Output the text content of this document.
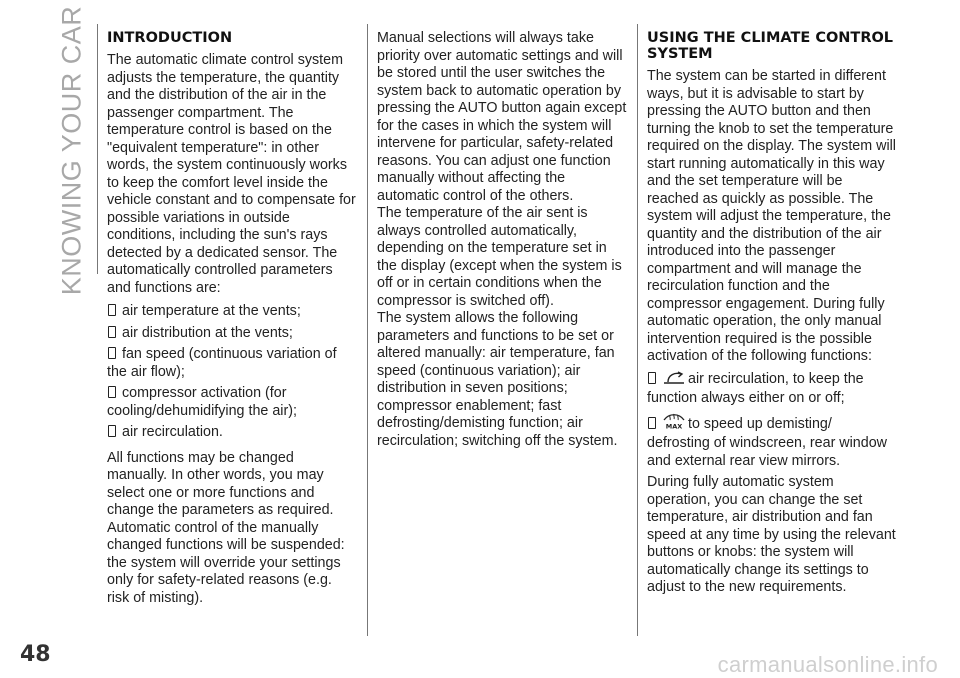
KNOWING YOUR CAR INTRODUCTION

The automatic climate control system adjusts the temperature, the quantity and the distribution of the air in the passenger compartment. The temperature control is based on the "equivalent temperature": in other words, the system continuously works to keep the comfort level inside the vehicle constant and to compensate for possible variations in outside conditions, including the sun's rays detected by a dedicated sensor. The automatically controlled parameters and functions are:

air temperature at the vents;

air distribution at the vents;

fan speed (continuous variation of the air flow);

compressor activation (for cooling/dehumidifying the air);

air recirculation.

All functions may be changed manually. In other words, you may select one or more functions and change the parameters as required. Automatic control of the manually changed functions will be suspended: the system will override your settings only for safety-related reasons (e.g. risk of misting).

Manual selections will always take priority over automatic settings and will be stored until the user switches the system back to automatic operation by pressing the AUTO button again except for the cases in which the system will intervene for particular, safety-related reasons. You can adjust one function manually without affecting the automatic control of the others.

The temperature of the air sent is always controlled automatically, depending on the temperature set in the display (except when the system is off or in certain conditions when the compressor is switched off).

The system allows the following parameters and functions to be set or altered manually: air temperature, fan speed (continuous variation); air distribution in seven positions; compressor enablement; fast defrosting/demisting function; air recirculation; switching off the system.

USING THE CLIMATE CONTROL SYSTEM

The system can be started in different ways, but it is advisable to start by pressing the AUTO button and then turning the knob to set the temperature required on the display. The system will start running automatically in this way and the set temperature will be reached as quickly as possible. The system will adjust the temperature, the quantity and the distribution of the air introduced into the passenger compartment and will manage the recirculation function and the compressor engagement. During fully automatic operation, the only manual intervention required is the possible activation of the following functions:

air recirculation, to keep the function always either on or off;

MAX to speed up demisting/ defrosting of windscreen, rear window and external rear view mirrors.

During fully automatic system operation, you can change the set temperature, air distribution and fan speed at any time by using the relevant buttons or knobs: the system will automatically change its settings to adjust to the new requirements.

48	carmanualsonline.info
